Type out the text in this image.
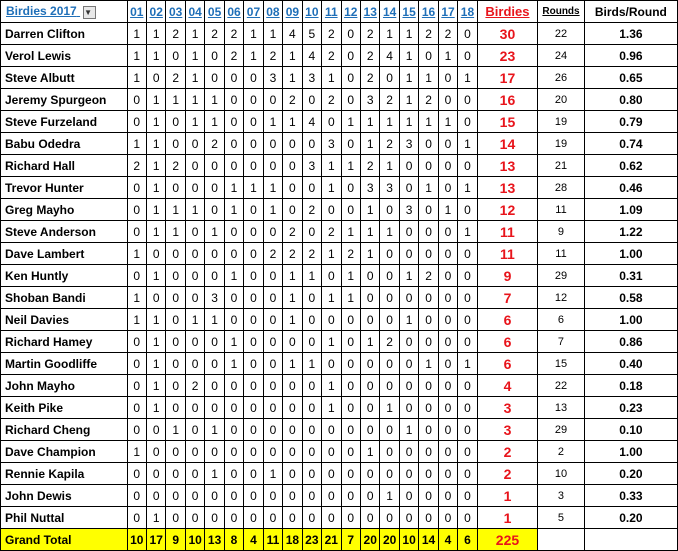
Birdies 2017 ▼	01	02	03	04	05	06	07	08	09	10	11	12	13	14	15	16	17	18	Birdies	Rounds	Birds/Round
Darren Clifton	1	1	2	1	2	2	1	1	4	5	2	0	2	1	1	2	2	0	30	22	1.36
Verol Lewis	1	1	0	1	0	2	1	2	1	4	2	0	2	4	1	0	1	0	23	24	0.96
Steve Albutt	1	0	2	1	0	0	0	3	1	3	1	0	2	0	1	1	0	1	17	26	0.65
Jeremy Spurgeon	0	1	1	1	1	0	0	0	2	0	2	0	3	2	1	2	0	0	16	20	0.80
Steve Furzeland	0	1	0	1	1	0	0	1	1	4	0	1	1	1	1	1	1	0	15	19	0.79
Babu Odedra	1	1	0	0	2	0	0	0	0	0	3	0	1	2	3	0	0	1	14	19	0.74
Richard Hall	2	1	2	0	0	0	0	0	0	3	1	1	2	1	0	0	0	0	13	21	0.62
Trevor Hunter	0	1	0	0	0	1	1	1	0	0	1	0	3	3	0	1	0	1	13	28	0.46
Greg Mayho	0	1	1	1	0	1	0	1	0	2	0	0	1	0	3	0	1	0	12	11	1.09
Steve Anderson	0	1	1	0	1	0	0	0	2	0	2	1	1	1	0	0	0	1	11	9	1.22
Dave Lambert	1	0	0	0	0	0	0	2	2	2	1	2	1	0	0	0	0	0	11	11	1.00
Ken Huntly	0	1	0	0	0	1	0	0	1	1	0	1	0	0	1	2	0	0	9	29	0.31
Shoban Bandi	1	0	0	0	3	0	0	0	1	0	1	1	0	0	0	0	0	0	7	12	0.58
Neil Davies	1	1	0	1	1	0	0	0	1	0	0	0	0	0	1	0	0	0	6	6	1.00
Richard Hamey	0	1	0	0	0	1	0	0	0	0	1	0	1	2	0	0	0	0	6	7	0.86
Martin Goodliffe	0	1	0	0	0	1	0	0	1	1	0	0	0	0	0	1	0	1	6	15	0.40
John Mayho	0	1	0	2	0	0	0	0	0	0	1	0	0	0	0	0	0	0	4	22	0.18
Keith Pike	0	1	0	0	0	0	0	0	0	0	1	0	0	1	0	0	0	0	3	13	0.23
Richard Cheng	0	0	1	0	1	0	0	0	0	0	0	0	0	0	1	0	0	0	3	29	0.10
Dave Champion	1	0	0	0	0	0	0	0	0	0	0	0	1	0	0	0	0	0	2	2	1.00
Rennie Kapila	0	0	0	0	1	0	0	1	0	0	0	0	0	0	0	0	0	0	2	10	0.20
John Dewis	0	0	0	0	0	0	0	0	0	0	0	0	0	1	0	0	0	0	1	3	0.33
Phil Nuttal	0	1	0	0	0	0	0	0	0	0	0	0	0	0	0	0	0	0	1	5	0.20
Grand Total	10	17	9	10	13	8	4	11	18	23	21	7	20	20	10	14	4	6	225		
